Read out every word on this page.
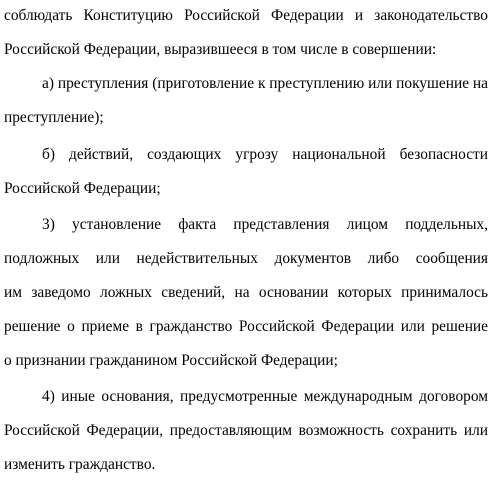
соблюдать Конституцию Российской Федерации и законодательство
Российской Федерации, выразившееся в том числе в совершении:
а) преступления (приготовление к преступлению или покушение на
преступление);
б) действий, создающих угрозу национальной безопасности
Российской Федерации;
3) установление факта представления лицом поддельных,
подложных или недействительных документов либо сообщения
им заведомо ложных сведений, на основании которых принималось
решение о приеме в гражданство Российской Федерации или решение
о признании гражданином Российской Федерации;
4) иные основания, предусмотренные международным договором
Российской Федерации, предоставляющим возможность сохранить или
изменить гражданство.
